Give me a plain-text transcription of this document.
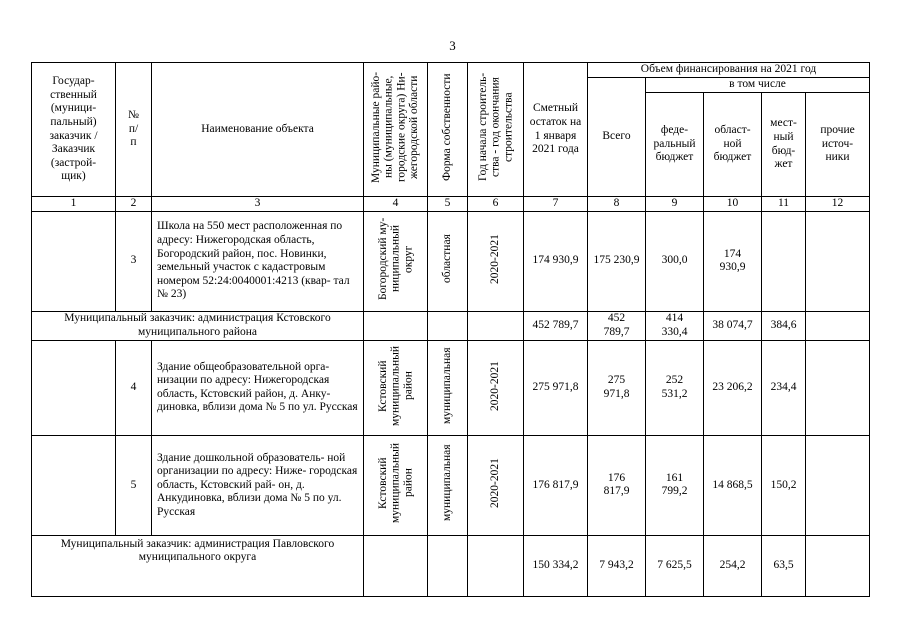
3
Государ- ственный (муници- пальный) заказчик /Заказчик (застрой- щик)	№ п/п	Наименование объекта	Муниципальные райо- ны (муниципальные, городские округа) Ни- жегородской области	Форма собственности	Год начала строитель- ства - год окончания строительства	Сметный остаток на 1 января 2021 года	Объем финансирования на 2021 год				
							Всего	в том числе			
								феде- ральный бюджет	област- ной бюджет	мест- ный бюд- жет	прочие источ- ники
1	2	3	4	5	6	7	8	9	10	11	12
	3	Школа на 550 мест расположенная по адресу: Нижегородская область, Богородский район, пос. Новинки, земельный участок с кадастровым номером 52:24:0040001:4213 (квар- тал № 23)	Богородский му- ниципальный округ	областная	2020-2021	174 930,9	175 230,9	300,0	174 930,9		
Муниципальный заказчик: администрация Кстовского муниципального района						452 789,7	452 789,7	414 330,4	38 074,7	384,6	
	4	Здание общеобразовательной орга- низации по адресу: Нижегородская область, Кстовский район, д. Анку- диновка, вблизи дома № 5 по ул. Русская	Кстовский муниципальный район	муниципальная	2020-2021	275 971,8	275 971,8	252 531,2	23 206,2	234,4	
	5	Здание дошкольной образователь- ной организации по адресу: Ниже- городская область, Кстовский рай- он, д. Анкудиновка, вблизи дома № 5 по ул. Русская	Кстовский муниципальный район	муниципальная	2020-2021	176 817,9	176 817,9	161 799,2	14 868,5	150,2	
Муниципальный заказчик: администрация Павловского муниципального округа						150 334,2	7 943,2	7 625,5	254,2	63,5	
